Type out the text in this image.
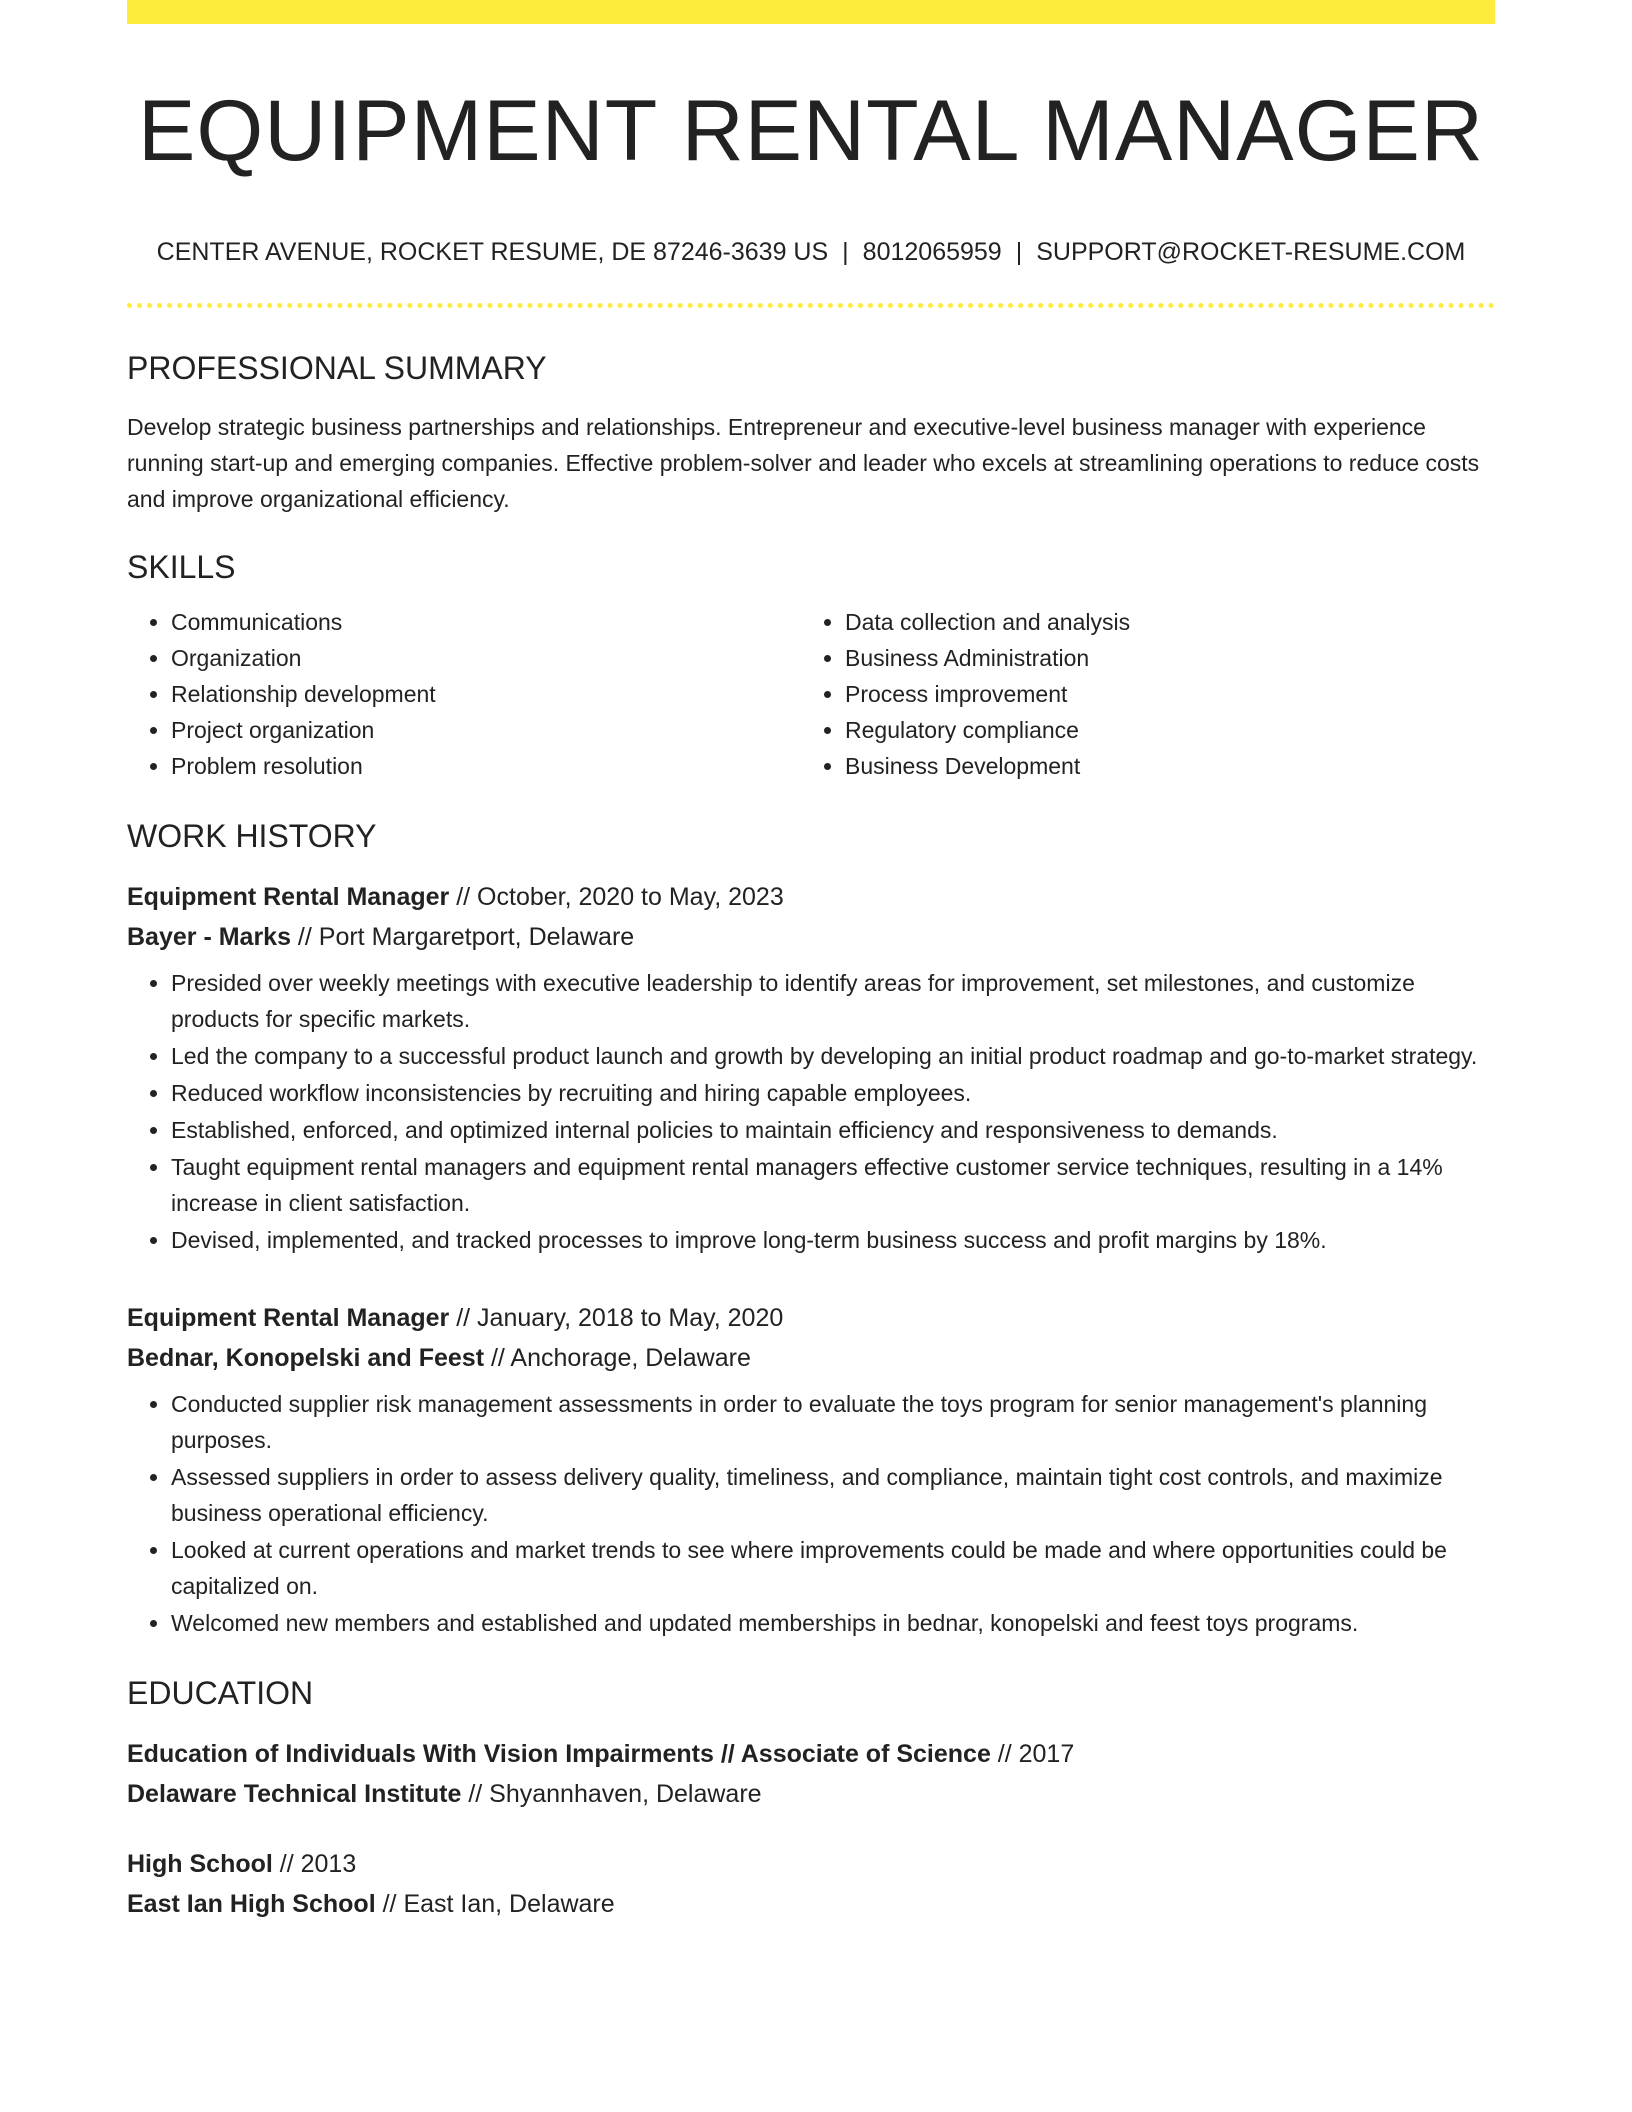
EQUIPMENT RENTAL MANAGER
CENTER AVENUE, ROCKET RESUME, DE 87246-3639 US | 8012065959 | SUPPORT@ROCKET-RESUME.COM
PROFESSIONAL SUMMARY
Develop strategic business partnerships and relationships. Entrepreneur and executive-level business manager with experience running start-up and emerging companies. Effective problem-solver and leader who excels at streamlining operations to reduce costs and improve organizational efficiency.
SKILLS
• Communications
• Organization
• Relationship development
• Project organization
• Problem resolution
• Data collection and analysis
• Business Administration
• Process improvement
• Regulatory compliance
• Business Development
WORK HISTORY
Equipment Rental Manager // October, 2020 to May, 2023
Bayer - Marks // Port Margaretport, Delaware
• Presided over weekly meetings with executive leadership to identify areas for improvement, set milestones, and customize products for specific markets.
• Led the company to a successful product launch and growth by developing an initial product roadmap and go-to-market strategy.
• Reduced workflow inconsistencies by recruiting and hiring capable employees.
• Established, enforced, and optimized internal policies to maintain efficiency and responsiveness to demands.
• Taught equipment rental managers and equipment rental managers effective customer service techniques, resulting in a 14% increase in client satisfaction.
• Devised, implemented, and tracked processes to improve long-term business success and profit margins by 18%.
Equipment Rental Manager // January, 2018 to May, 2020
Bednar, Konopelski and Feest // Anchorage, Delaware
• Conducted supplier risk management assessments in order to evaluate the toys program for senior management's planning purposes.
• Assessed suppliers in order to assess delivery quality, timeliness, and compliance, maintain tight cost controls, and maximize business operational efficiency.
• Looked at current operations and market trends to see where improvements could be made and where opportunities could be capitalized on.
• Welcomed new members and established and updated memberships in bednar, konopelski and feest toys programs.
EDUCATION
Education of Individuals With Vision Impairments // Associate of Science // 2017
Delaware Technical Institute // Shyannhaven, Delaware
High School // 2013
East Ian High School // East Ian, Delaware
